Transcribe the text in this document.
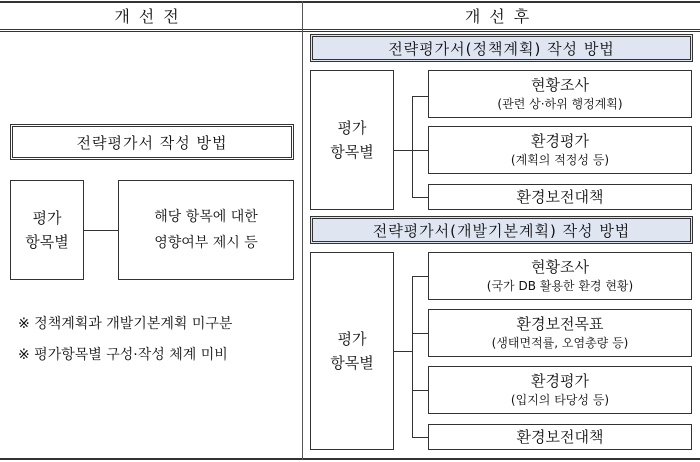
개선전	개선후
전략평가서 작성 방법
평가
항목별
해당 항목에 대한
영향여부 제시 등
※ 정책계획과 개발기본계획 미구분
※ 평가항목별 구성·작성 체계 미비
전략평가서(정책계획) 작성 방법
평가
항목별
현황조사
(관련 상·하위 행정계획)
환경평가
(계획의 적정성 등)
환경보전대책
전략평가서(개발기본계획) 작성 방법
평가
항목별
현황조사
(국가 DB 활용한 환경 현황)
환경보전목표
(생태면적률, 오염총량 등)
환경평가
(입지의 타당성 등)
환경보전대책
